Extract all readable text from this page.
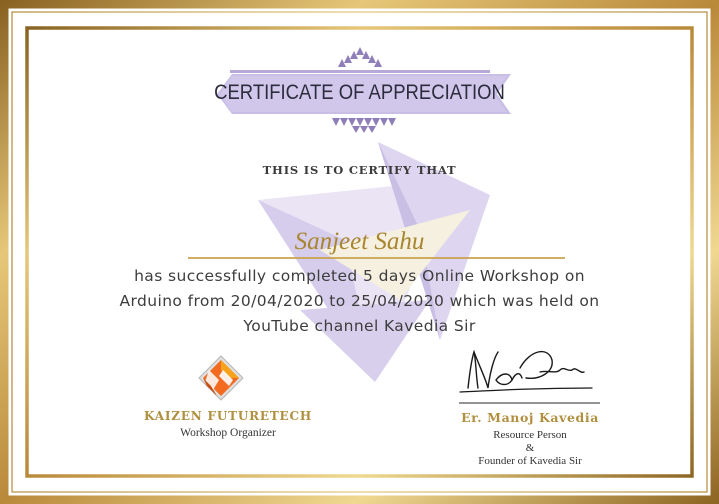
CERTIFICATE OF APPRECIATION
THIS IS TO CERTIFY THAT
Sanjeet Sahu
has successfully completed 5 days Online Workshop on
Arduino from 20/04/2020 to 25/04/2020 which was held on
YouTube channel Kavedia Sir
KAIZEN FUTURETECH
Workshop Organizer
Er. Manoj Kavedia
Resource Person
&
Founder of Kavedia Sir
